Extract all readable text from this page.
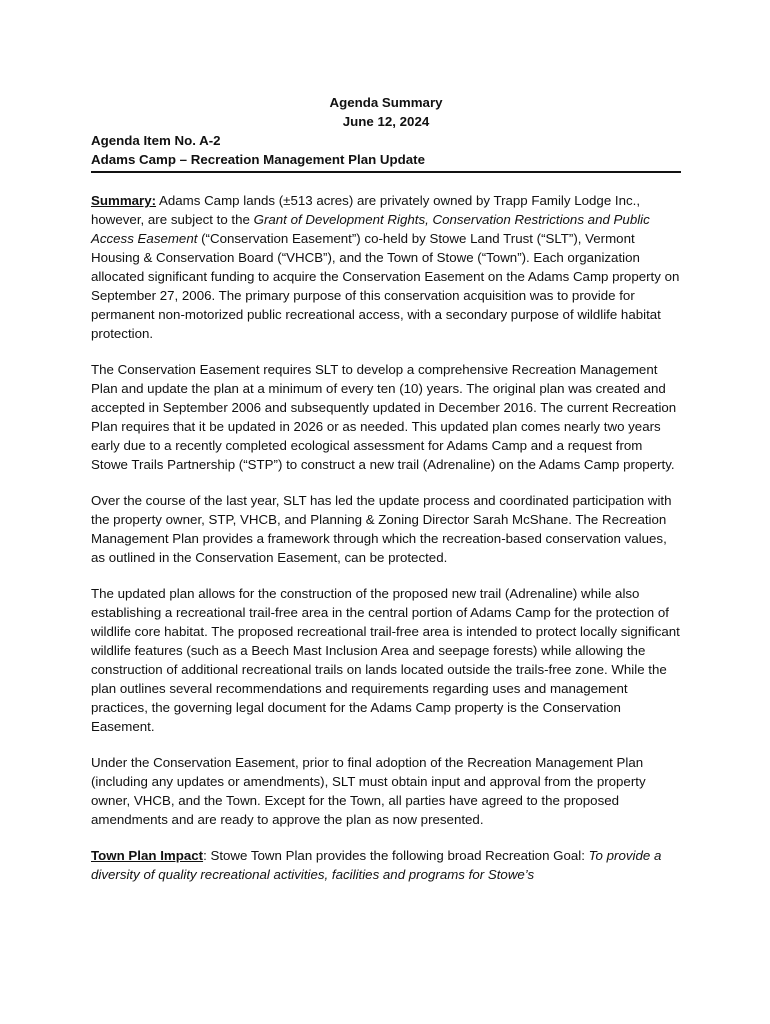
Agenda Summary

June 12, 2024

Agenda Item No. A-2

Adams Camp – Recreation Management Plan Update

Summary: Adams Camp lands (±513 acres) are privately owned by Trapp Family Lodge Inc., however, are subject to the Grant of Development Rights, Conservation Restrictions and Public Access Easement (“Conservation Easement”) co-held by Stowe Land Trust (“SLT”), Vermont Housing & Conservation Board (“VHCB”), and the Town of Stowe (“Town”). Each organization allocated significant funding to acquire the Conservation Easement on the Adams Camp property on September 27, 2006. The primary purpose of this conservation acquisition was to provide for permanent non-motorized public recreational access, with a secondary purpose of wildlife habitat protection.

The Conservation Easement requires SLT to develop a comprehensive Recreation Management Plan and update the plan at a minimum of every ten (10) years. The original plan was created and accepted in September 2006 and subsequently updated in December 2016. The current Recreation Plan requires that it be updated in 2026 or as needed. This updated plan comes nearly two years early due to a recently completed ecological assessment for Adams Camp and a request from Stowe Trails Partnership (“STP”) to construct a new trail (Adrenaline) on the Adams Camp property.

Over the course of the last year, SLT has led the update process and coordinated participation with the property owner, STP, VHCB, and Planning & Zoning Director Sarah McShane. The Recreation Management Plan provides a framework through which the recreation-based conservation values, as outlined in the Conservation Easement, can be protected.

The updated plan allows for the construction of the proposed new trail (Adrenaline) while also establishing a recreational trail-free area in the central portion of Adams Camp for the protection of wildlife core habitat. The proposed recreational trail-free area is intended to protect locally significant wildlife features (such as a Beech Mast Inclusion Area and seepage forests) while allowing the construction of additional recreational trails on lands located outside the trails-free zone. While the plan outlines several recommendations and requirements regarding uses and management practices, the governing legal document for the Adams Camp property is the Conservation Easement.

Under the Conservation Easement, prior to final adoption of the Recreation Management Plan (including any updates or amendments), SLT must obtain input and approval from the property owner, VHCB, and the Town. Except for the Town, all parties have agreed to the proposed amendments and are ready to approve the plan as now presented.

Town Plan Impact: Stowe Town Plan provides the following broad Recreation Goal: To provide a diversity of quality recreational activities, facilities and programs for Stowe’s
